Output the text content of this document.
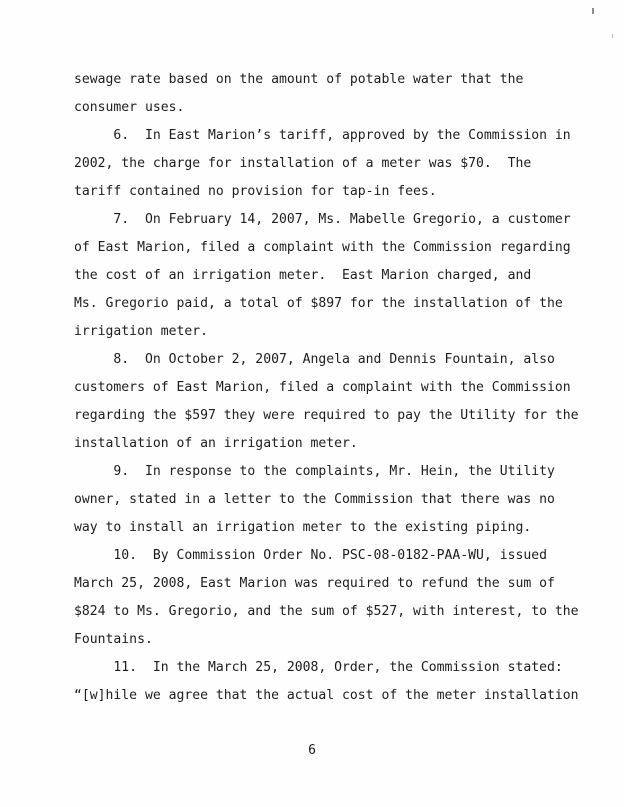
sewage rate based on the amount of potable water that the
consumer uses.
6.  In East Marion’s tariff, approved by the Commission in
2002, the charge for installation of a meter was $70.  The
tariff contained no provision for tap-in fees.
7.  On February 14, 2007, Ms. Mabelle Gregorio, a customer
of East Marion, filed a complaint with the Commission regarding
the cost of an irrigation meter.  East Marion charged, and
Ms. Gregorio paid, a total of $897 for the installation of the
irrigation meter.
8.  On October 2, 2007, Angela and Dennis Fountain, also
customers of East Marion, filed a complaint with the Commission
regarding the $597 they were required to pay the Utility for the
installation of an irrigation meter.
9.  In response to the complaints, Mr. Hein, the Utility
owner, stated in a letter to the Commission that there was no
way to install an irrigation meter to the existing piping.
10.  By Commission Order No. PSC-08-0182-PAA-WU, issued
March 25, 2008, East Marion was required to refund the sum of
$824 to Ms. Gregorio, and the sum of $527, with interest, to the
Fountains.
11.  In the March 25, 2008, Order, the Commission stated:
“[w]hile we agree that the actual cost of the meter installation
6
